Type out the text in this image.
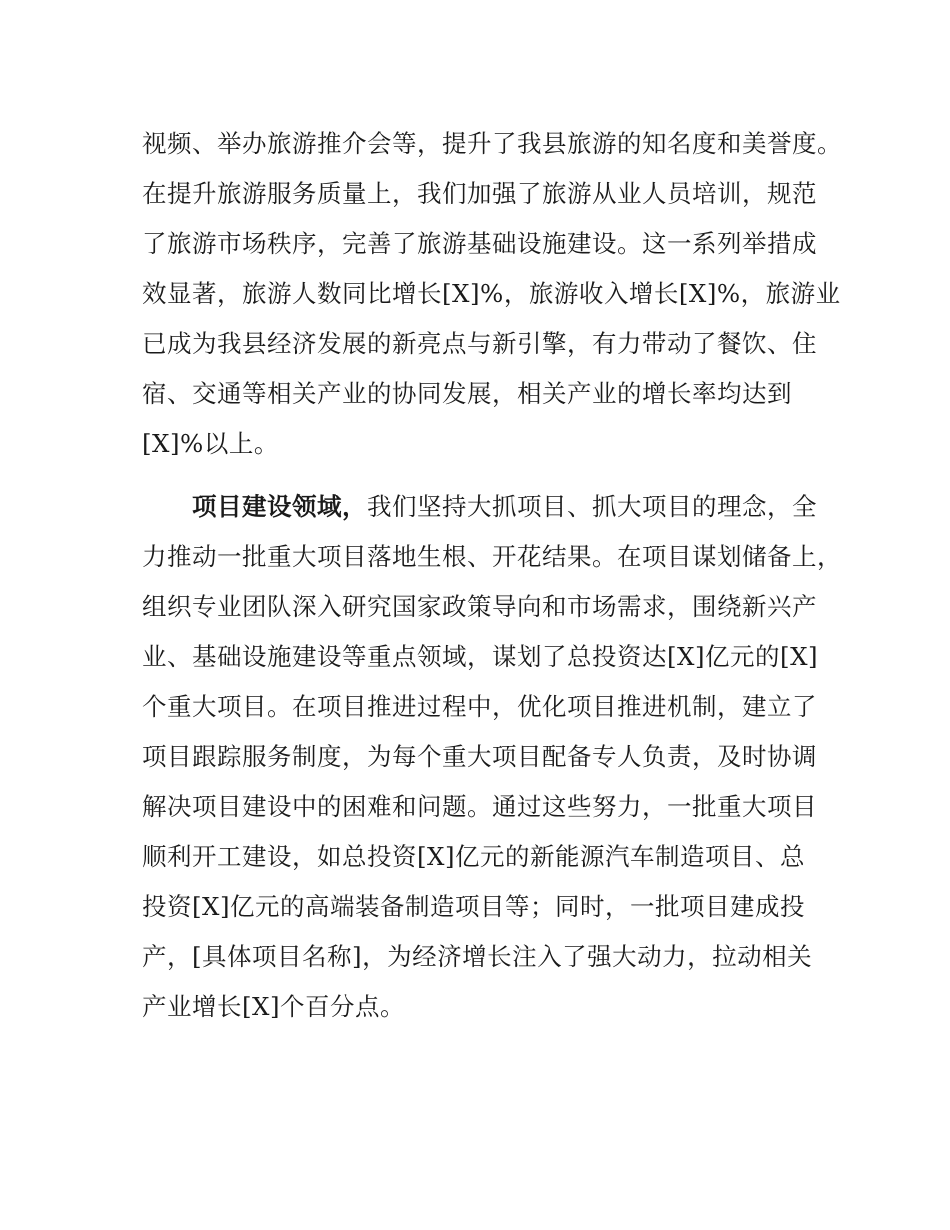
视频、举办旅游推介会等，提升了我县旅游的知名度和美誉度。
在提升旅游服务质量上，我们加强了旅游从业人员培训，规范
了旅游市场秩序，完善了旅游基础设施建设。这一系列举措成
效显著，旅游人数同比增长[X]%，旅游收入增长[X]%，旅游业
已成为我县经济发展的新亮点与新引擎，有力带动了餐饮、住
宿、交通等相关产业的协同发展，相关产业的增长率均达到
[X]%以上。
项目建设领域，我们坚持大抓项目、抓大项目的理念，全
力推动一批重大项目落地生根、开花结果。在项目谋划储备上，
组织专业团队深入研究国家政策导向和市场需求，围绕新兴产
业、基础设施建设等重点领域，谋划了总投资达[X]亿元的[X]
个重大项目。在项目推进过程中，优化项目推进机制，建立了
项目跟踪服务制度，为每个重大项目配备专人负责，及时协调
解决项目建设中的困难和问题。通过这些努力，一批重大项目
顺利开工建设，如总投资[X]亿元的新能源汽车制造项目、总
投资[X]亿元的高端装备制造项目等；同时，一批项目建成投
产，[具体项目名称]，为经济增长注入了强大动力，拉动相关
产业增长[X]个百分点。
